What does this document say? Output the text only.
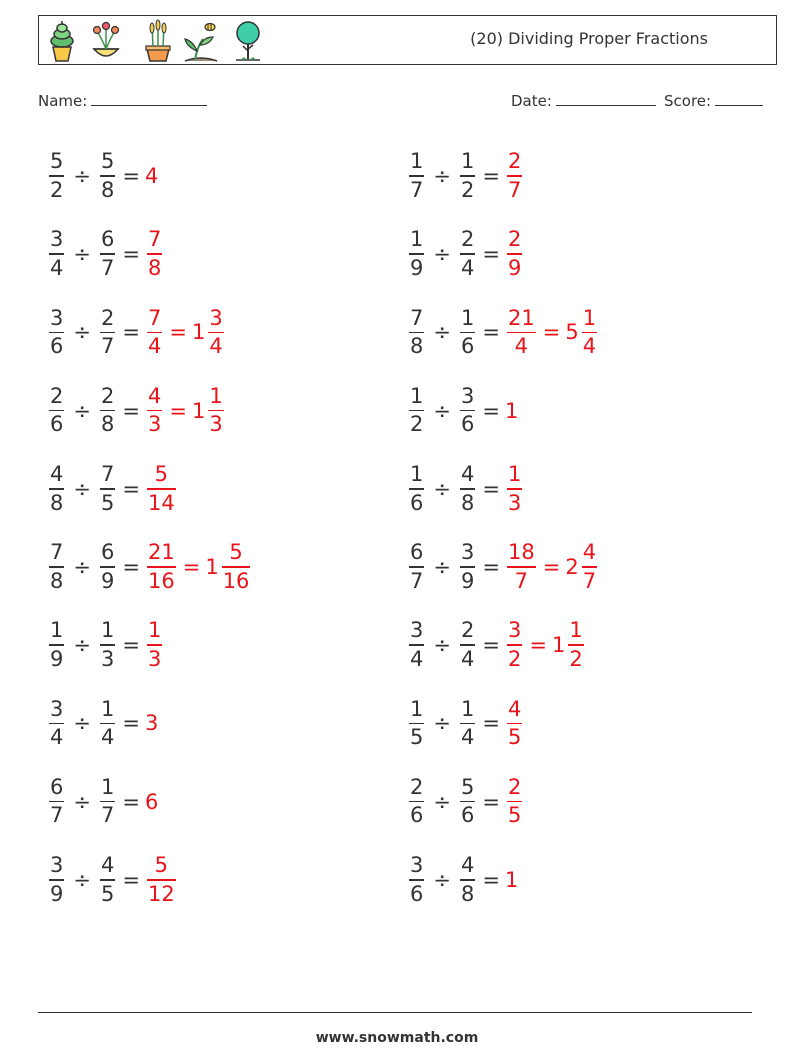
(20) Dividing Proper Fractions
Name:	Date:	Score:
$\frac{5}{2} \div \frac{5}{8} = 4$
$\frac{3}{4} \div \frac{6}{7} = \frac{7}{8}$
$\frac{3}{6} \div \frac{2}{7} = \frac{7}{4} = 1 \frac{3}{4}$
$\frac{2}{6} \div \frac{2}{8} = \frac{4}{3} = 1 \frac{1}{3}$
$\frac{4}{8} \div \frac{7}{5} = \frac{5}{14}$
$\frac{7}{8} \div \frac{6}{9} = \frac{21}{16} = 1 \frac{5}{16}$
$\frac{1}{9} \div \frac{1}{3} = \frac{1}{3}$
$\frac{3}{4} \div \frac{1}{4} = 3$
$\frac{6}{7} \div \frac{1}{7} = 6$
$\frac{3}{9} \div \frac{4}{5} = \frac{5}{12}$
$\frac{1}{7} \div \frac{1}{2} = \frac{2}{7}$
$\frac{1}{9} \div \frac{2}{4} = \frac{2}{9}$
$\frac{7}{8} \div \frac{1}{6} = \frac{21}{4} = 5 \frac{1}{4}$
$\frac{1}{2} \div \frac{3}{6} = 1$
$\frac{1}{6} \div \frac{4}{8} = \frac{1}{3}$
$\frac{6}{7} \div \frac{3}{9} = \frac{18}{7} = 2 \frac{4}{7}$
$\frac{3}{4} \div \frac{2}{4} = \frac{3}{2} = 1 \frac{1}{2}$
$\frac{1}{5} \div \frac{1}{4} = \frac{4}{5}$
$\frac{2}{6} \div \frac{5}{6} = \frac{2}{5}$
$\frac{3}{6} \div \frac{4}{8} = 1$
www.snowmath.com
